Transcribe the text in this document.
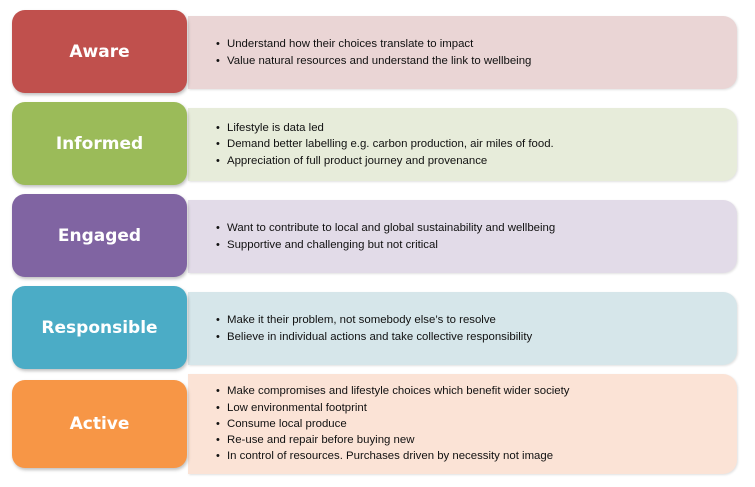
Aware	• Understand how their choices translate to impact
• Value natural resources and understand the link to wellbeing
Informed
• Lifestyle is data led
• Demand better labelling e.g. carbon production, air miles of food.
• Appreciation of full product journey and provenance
Engaged	• Want to contribute to local and global sustainability and wellbeing
• Supportive and challenging but not critical
Responsible	• Make it their problem, not somebody else’s to resolve
• Believe in individual actions and take collective responsibility
Active
• Make compromises and lifestyle choices which benefit wider society
• Low environmental footprint
• Consume local produce
• Re-use and repair before buying new
• In control of resources. Purchases driven by necessity not image
